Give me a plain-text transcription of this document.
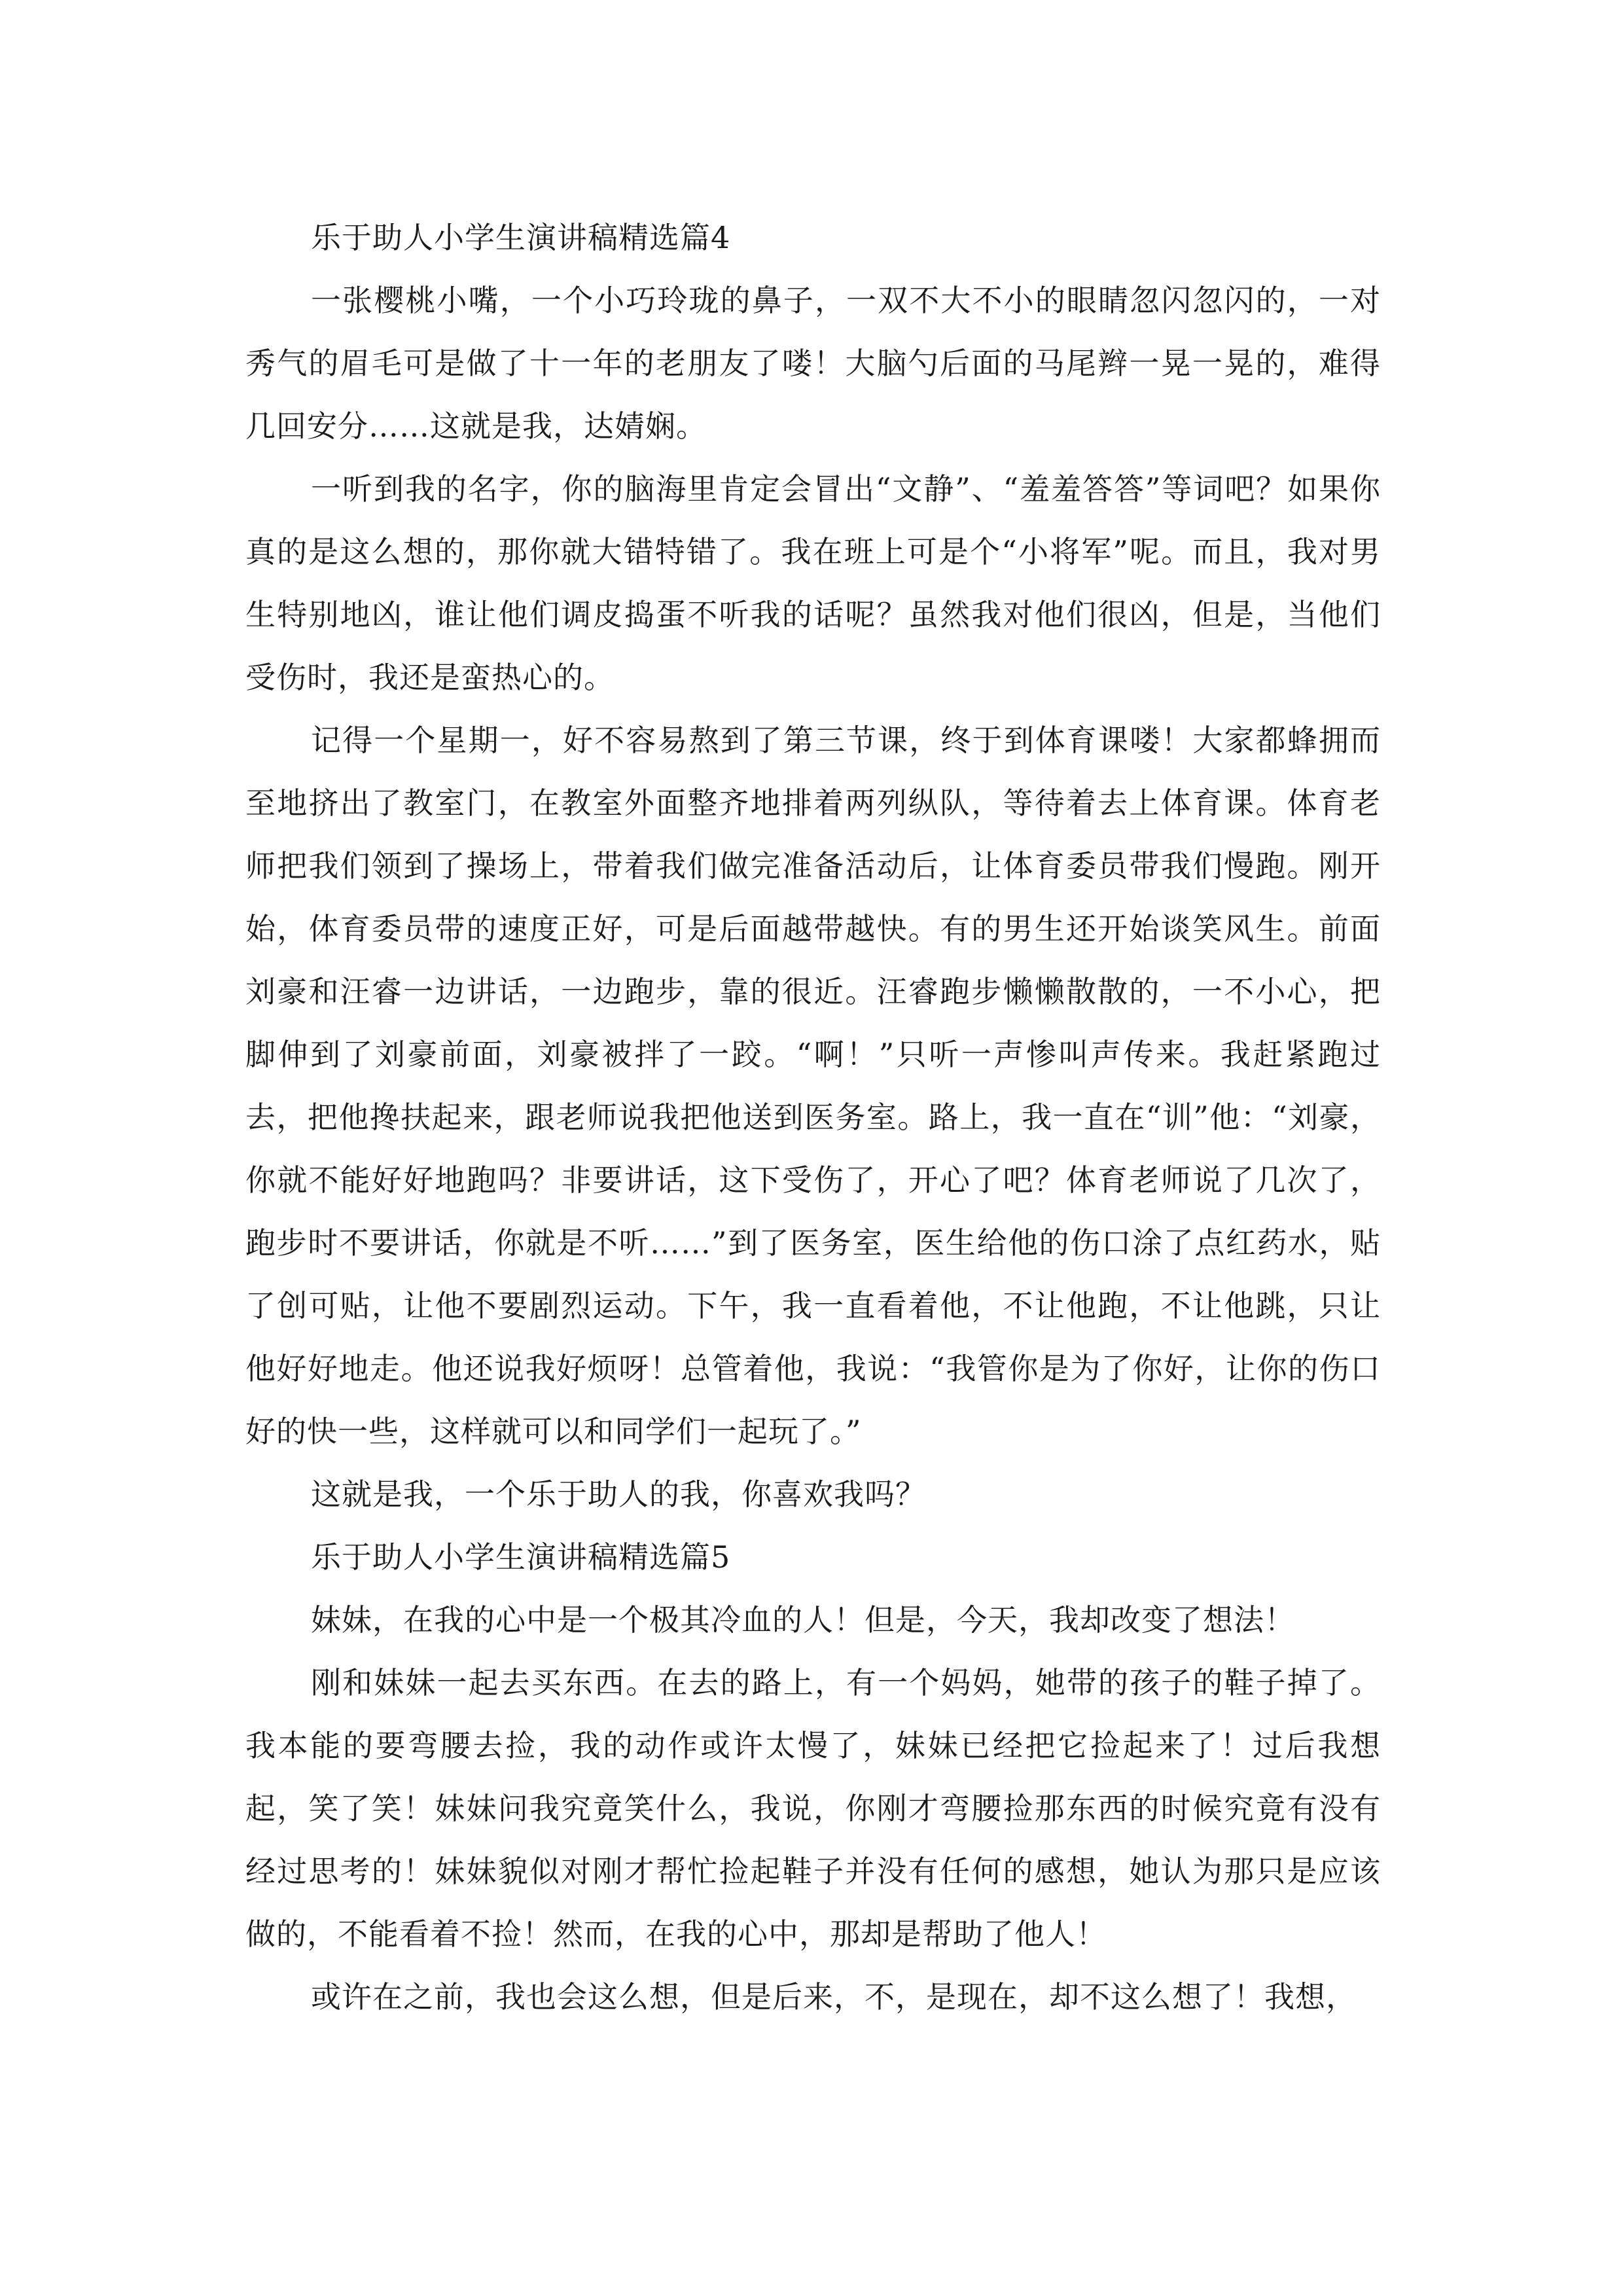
乐于助人小学生演讲稿精选篇4

一张樱桃小嘴，一个小巧玲珑的鼻子，一双不大不小的眼睛忽闪忽闪的，一对秀气的眉毛可是做了十一年的老朋友了喽！大脑勺后面的马尾辫一晃一晃的，难得几回安分……这就是我，达婧娴。

一听到我的名字，你的脑海里肯定会冒出“文静”、“羞羞答答”等词吧？如果你真的是这么想的，那你就大错特错了。我在班上可是个“小将军”呢。而且，我对男生特别地凶，谁让他们调皮捣蛋不听我的话呢？虽然我对他们很凶，但是，当他们受伤时，我还是蛮热心的。

记得一个星期一，好不容易熬到了第三节课，终于到体育课喽！大家都蜂拥而至地挤出了教室门，在教室外面整齐地排着两列纵队，等待着去上体育课。体育老师把我们领到了操场上，带着我们做完准备活动后，让体育委员带我们慢跑。刚开始，体育委员带的速度正好，可是后面越带越快。有的男生还开始谈笑风生。前面刘豪和汪睿一边讲话，一边跑步，靠的很近。汪睿跑步懒懒散散的，一不小心，把脚伸到了刘豪前面，刘豪被拌了一跤。“啊！”只听一声惨叫声传来。我赶紧跑过去，把他搀扶起来，跟老师说我把他送到医务室。路上，我一直在“训”他：“刘豪，你就不能好好地跑吗？非要讲话，这下受伤了，开心了吧？体育老师说了几次了，跑步时不要讲话，你就是不听……”到了医务室，医生给他的伤口涂了点红药水，贴了创可贴，让他不要剧烈运动。下午，我一直看着他，不让他跑，不让他跳，只让他好好地走。他还说我好烦呀！总管着他，我说：“我管你是为了你好，让你的伤口好的快一些，这样就可以和同学们一起玩了。”

这就是我，一个乐于助人的我，你喜欢我吗？

乐于助人小学生演讲稿精选篇5

妹妹，在我的心中是一个极其冷血的人！但是，今天，我却改变了想法！

刚和妹妹一起去买东西。在去的路上，有一个妈妈，她带的孩子的鞋子掉了。我本能的要弯腰去捡，我的动作或许太慢了，妹妹已经把它捡起来了！过后我想起，笑了笑！妹妹问我究竟笑什么，我说，你刚才弯腰捡那东西的时候究竟有没有经过思考的！妹妹貌似对刚才帮忙捡起鞋子并没有任何的感想，她认为那只是应该做的，不能看着不捡！然而，在我的心中，那却是帮助了他人！

或许在之前，我也会这么想，但是后来，不，是现在，却不这么想了！我想，
